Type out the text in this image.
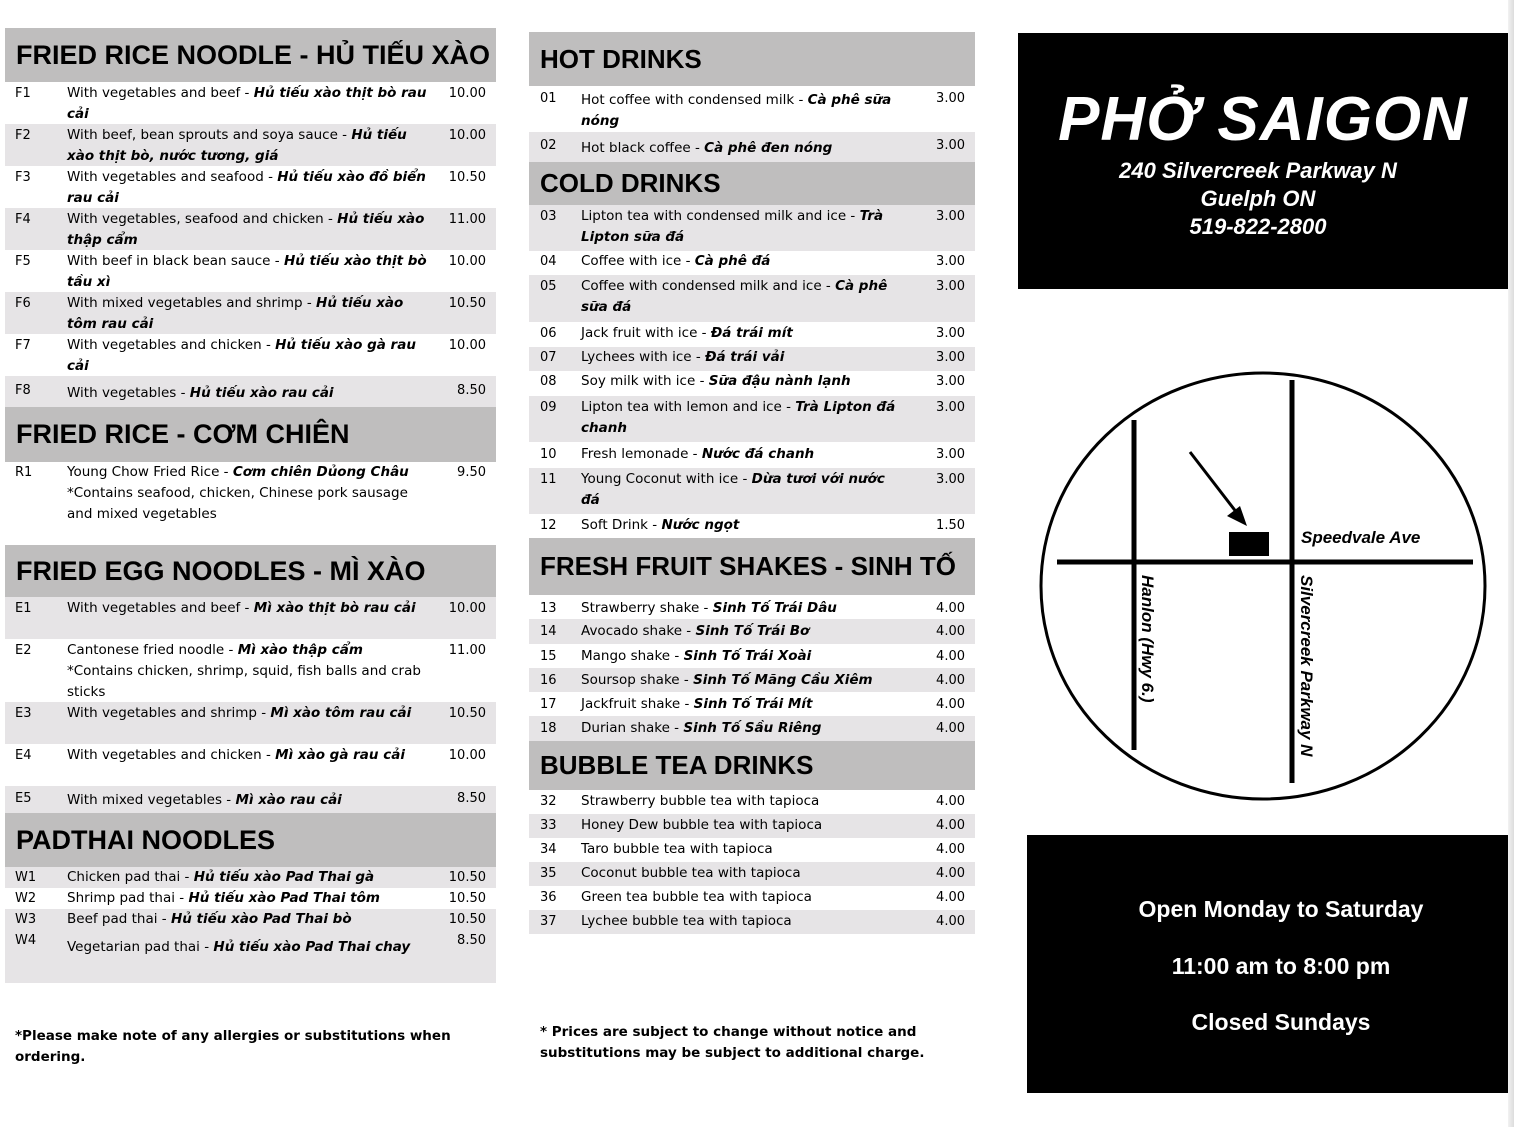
FRIED RICE NOODLE - HỦ TIẾU XÀO
F1	With vegetables and beef - Hủ tiếu xào thịt bò rau cải
10.00
F2	With beef, bean sprouts and soya sauce - Hủ tiếu xào thịt bò, nước tương, giá
10.00
F3	With vegetables and seafood - Hủ tiếu xào đồ biển rau cải
10.50
F4	With vegetables, seafood and chicken - Hủ tiếu xào thập cẩm
11.00
F5	With beef in black bean sauce - Hủ tiếu xào thịt bò tầu xì
10.00
F6	With mixed vegetables and shrimp - Hủ tiếu xào tôm rau cải
10.50
F7	With vegetables and chicken - Hủ tiếu xào gà rau cải
10.00
F8	With vegetables - Hủ tiếu xào rau cải	8.50
FRIED RICE - CƠM CHIÊN
R1	Young Chow Fried Rice - Cơm chiên Dủong Châu
*Contains seafood, chicken, Chinese pork sausage and mixed vegetables
9.50
FRIED EGG NOODLES - MÌ XÀO
E1	With vegetables and beef - Mì xào thịt bò rau cải	10.00
E2	Cantonese fried noodle - Mì xào thập cẩm
*Contains chicken, shrimp, squid, fish balls and crab sticks
11.00
E3	With vegetables and shrimp - Mì xào tôm rau cải	10.50
E4	With vegetables and chicken - Mì xào gà rau cải	10.00
E5	With mixed vegetables - Mì xào rau cải	8.50
PADTHAI NOODLES
W1	Chicken pad thai - Hủ tiếu xào Pad Thai gà	10.50
W2	Shrimp pad thai - Hủ tiếu xào Pad Thai tôm	10.50
W3	Beef pad thai - Hủ tiếu xào Pad Thai bò	10.50
W4	Vegetarian pad thai - Hủ tiếu xào Pad Thai chay	8.50
*Please make note of any allergies or substitutions when
ordering.
HOT DRINKS
01	Hot coffee with condensed milk - Cà phê sữa nóng
3.00
02	Hot black coffee - Cà phê đen nóng	3.00
COLD DRINKS
03	Lipton tea with condensed milk and ice - Trà Lipton sữa đá
3.00
04	Coffee with ice - Cà phê đá	3.00
05	Coffee with condensed milk and ice - Cà phê sữa đá
3.00
06	Jack fruit with ice - Đá trái mít	3.00
07	Lychees with ice - Đá trái vải	3.00
08	Soy milk with ice - Sữa đậu nành lạnh	3.00
09	Lipton tea with lemon and ice - Trà Lipton đá chanh
3.00
10	Fresh lemonade - Nước đá chanh	3.00
11	Young Coconut with ice - Dừa tươi với nước đá
3.00
12	Soft Drink - Nước ngọt	1.50
FRESH FRUIT SHAKES - SINH TỐ
13	Strawberry shake - Sinh Tố Trái Dâu	4.00
14	Avocado shake - Sinh Tố Trái Bơ	4.00
15	Mango shake - Sinh Tố Trái Xoài	4.00
16	Soursop shake - Sinh Tố Mãng Cầu Xiêm	4.00
17	Jackfruit shake - Sinh Tố Trái Mít	4.00
18	Durian shake - Sinh Tố Sầu Riêng	4.00
BUBBLE TEA DRINKS
32	Strawberry bubble tea with tapioca	4.00
33	Honey Dew bubble tea with tapioca	4.00
34	Taro bubble tea with tapioca	4.00
35	Coconut bubble tea with tapioca	4.00
36	Green tea bubble tea with tapioca	4.00
37	Lychee bubble tea with tapioca	4.00
* Prices are subject to change without notice and
substitutions may be subject to additional charge.
PHỞ SAIGON
240 Silvercreek Parkway N
Guelph ON
519-822-2800
Speedvale Ave
Hanlon (Hwy 6.)	Silvercreek Parkway N
Open Monday to Saturday
11:00 am to 8:00 pm
Closed Sundays
